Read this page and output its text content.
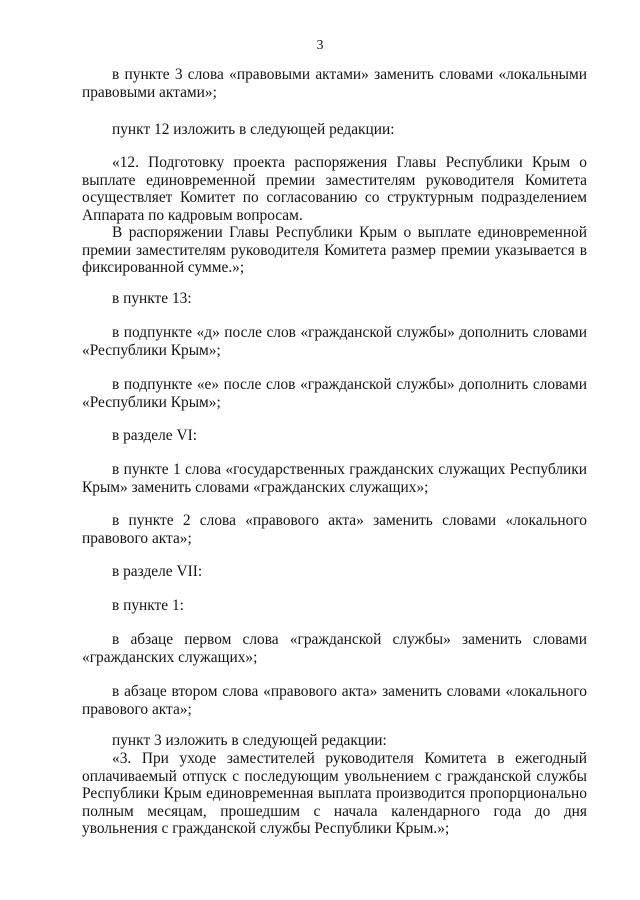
3

в пункте 3 слова «правовыми актами» заменить словами «локальными правовыми актами»;

пункт 12 изложить в следующей редакции:

«12. Подготовку проекта распоряжения Главы Республики Крым о выплате единовременной премии заместителям руководителя Комитета осуществляет Комитет по согласованию со структурным подразделением Аппарата по кадровым вопросам.

В распоряжении Главы Республики Крым о выплате единовременной премии заместителям руководителя Комитета размер премии указывается в фиксированной сумме.»;

в пункте 13:

в подпункте «д» после слов «гражданской службы» дополнить словами «Республики Крым»;

в подпункте «е» после слов «гражданской службы» дополнить словами «Республики Крым»;

в разделе VI:

в пункте 1 слова «государственных гражданских служащих Республики Крым» заменить словами «гражданских служащих»;

в пункте 2 слова «правового акта» заменить словами «локального правового акта»;

в разделе VII:

в пункте 1:

в абзаце первом слова «гражданской службы» заменить словами «гражданских служащих»;

в абзаце втором слова «правового акта» заменить словами «локального правового акта»;

пункт 3 изложить в следующей редакции:

«3. При уходе заместителей руководителя Комитета в ежегодный оплачиваемый отпуск с последующим увольнением с гражданской службы Республики Крым единовременная выплата производится пропорционально полным месяцам, прошедшим с начала календарного года до дня увольнения с гражданской службы Республики Крым.»;
